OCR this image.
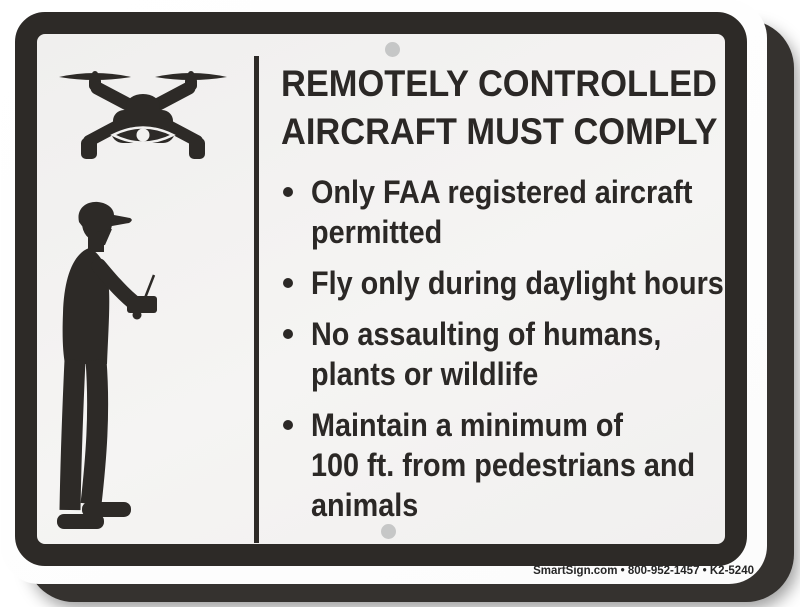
REMOTELY CONTROLLED
AIRCRAFT MUST COMPLY
Only FAA registered aircraft
permitted
Fly only during daylight hours
No assaulting of humans,
plants or wildlife
Maintain a minimum of
100 ft. from pedestrians and
animals
SmartSign.com • 800-952-1457 • K2-5240
